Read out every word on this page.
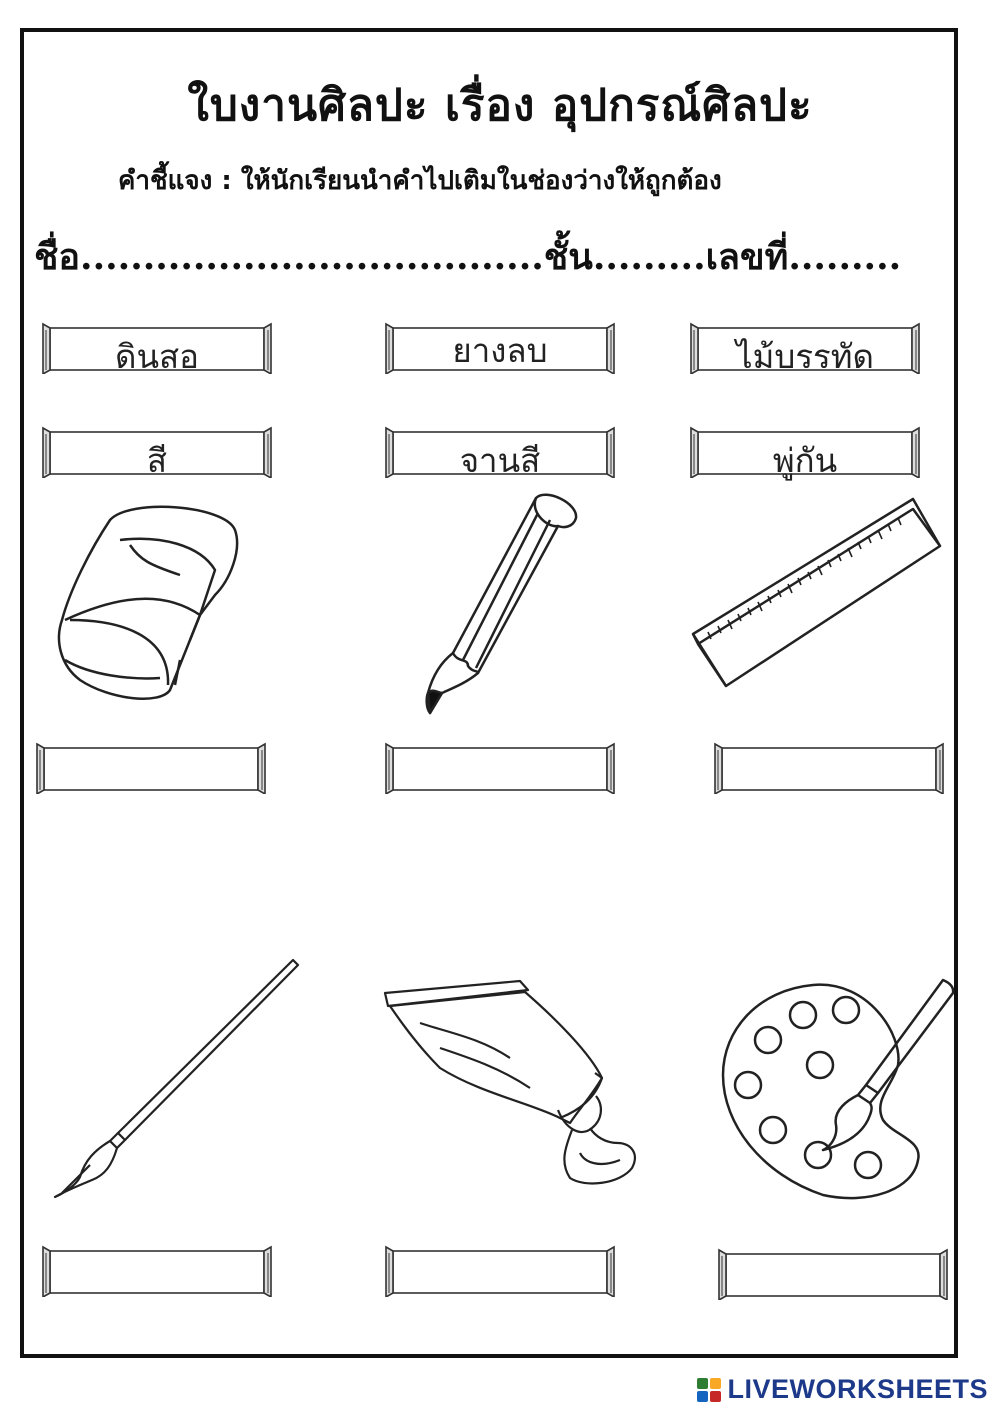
ใบงานศิลปะ เรื่อง อุปกรณ์ศิลปะ
คำชี้แจง : ให้นักเรียนนำคำไปเติมในช่องว่างให้ถูกต้อง
ชื่อ.....................................ชั้น.........เลขที่.........
ดินสอ	ยางลบ	ไม้บรรทัด
สี	จานสี	พู่กัน
LIVEWORKSHEETS
